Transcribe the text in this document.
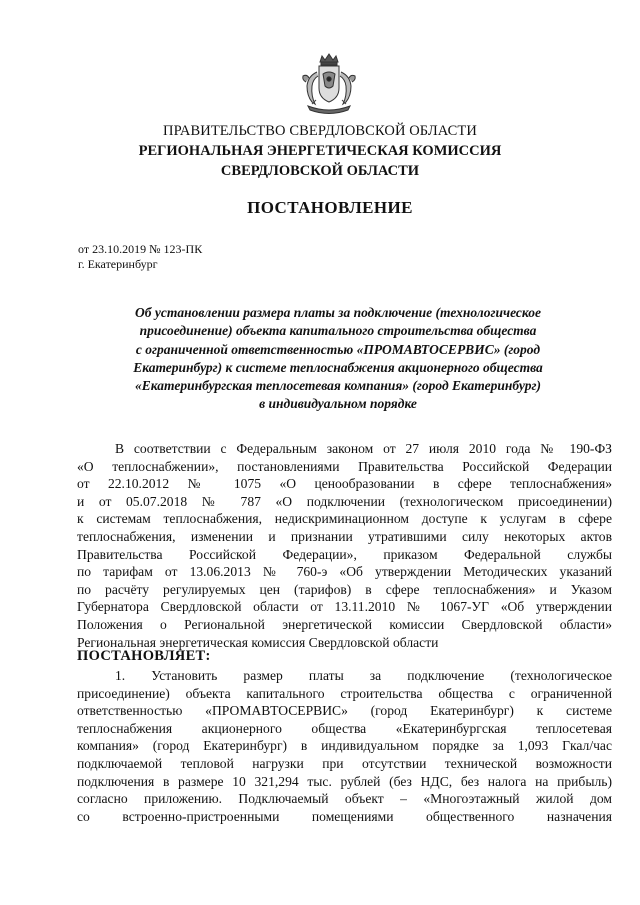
ПРАВИТЕЛЬСТВО СВЕРДЛОВСКОЙ ОБЛАСТИ
РЕГИОНАЛЬНАЯ ЭНЕРГЕТИЧЕСКАЯ КОМИССИЯ
СВЕРДЛОВСКОЙ ОБЛАСТИ
ПОСТАНОВЛЕНИЕ
от 23.10.2019 № 123-ПК
г. Екатеринбург
Об установлении размера платы за подключение (технологическое
присоединение) объекта капитального строительства общества
с ограниченной ответственностью «ПРОМАВТОСЕРВИС» (город
Екатеринбург) к системе теплоснабжения акционерного общества
«Екатеринбургская теплосетевая компания» (город Екатеринбург)
в индивидуальном порядке
В соответствии с Федеральным законом от 27 июля 2010 года № 190-ФЗ
«О теплоснабжении», постановлениями Правительства Российской Федерации
от 22.10.2012 № 1075 «О ценообразовании в сфере теплоснабжения»
и от 05.07.2018 № 787 «О подключении (технологическом присоединении)
к системам теплоснабжения, недискриминационном доступе к услугам в сфере
теплоснабжения, изменении и признании утратившими силу некоторых актов
Правительства Российской Федерации», приказом Федеральной службы
по тарифам от 13.06.2013 № 760-э «Об утверждении Методических указаний
по расчёту регулируемых цен (тарифов) в сфере теплоснабжения» и Указом
Губернатора Свердловской области от 13.11.2010 № 1067-УГ «Об утверждении
Положения о Региональной энергетической комиссии Свердловской области»
Региональная энергетическая комиссия Свердловской области
ПОСТАНОВЛЯЕТ:
1. Установить размер платы за подключение (технологическое
присоединение) объекта капитального строительства общества с ограниченной
ответственностью «ПРОМАВТОСЕРВИС» (город Екатеринбург) к системе
теплоснабжения акционерного общества «Екатеринбургская теплосетевая
компания» (город Екатеринбург) в индивидуальном порядке за 1,093 Гкал/час
подключаемой тепловой нагрузки при отсутствии технической возможности
подключения в размере 10 321,294 тыс. рублей (без НДС, без налога на прибыль)
согласно приложению. Подключаемый объект – «Многоэтажный жилой дом
со встроенно-пристроенными помещениями общественного назначения
